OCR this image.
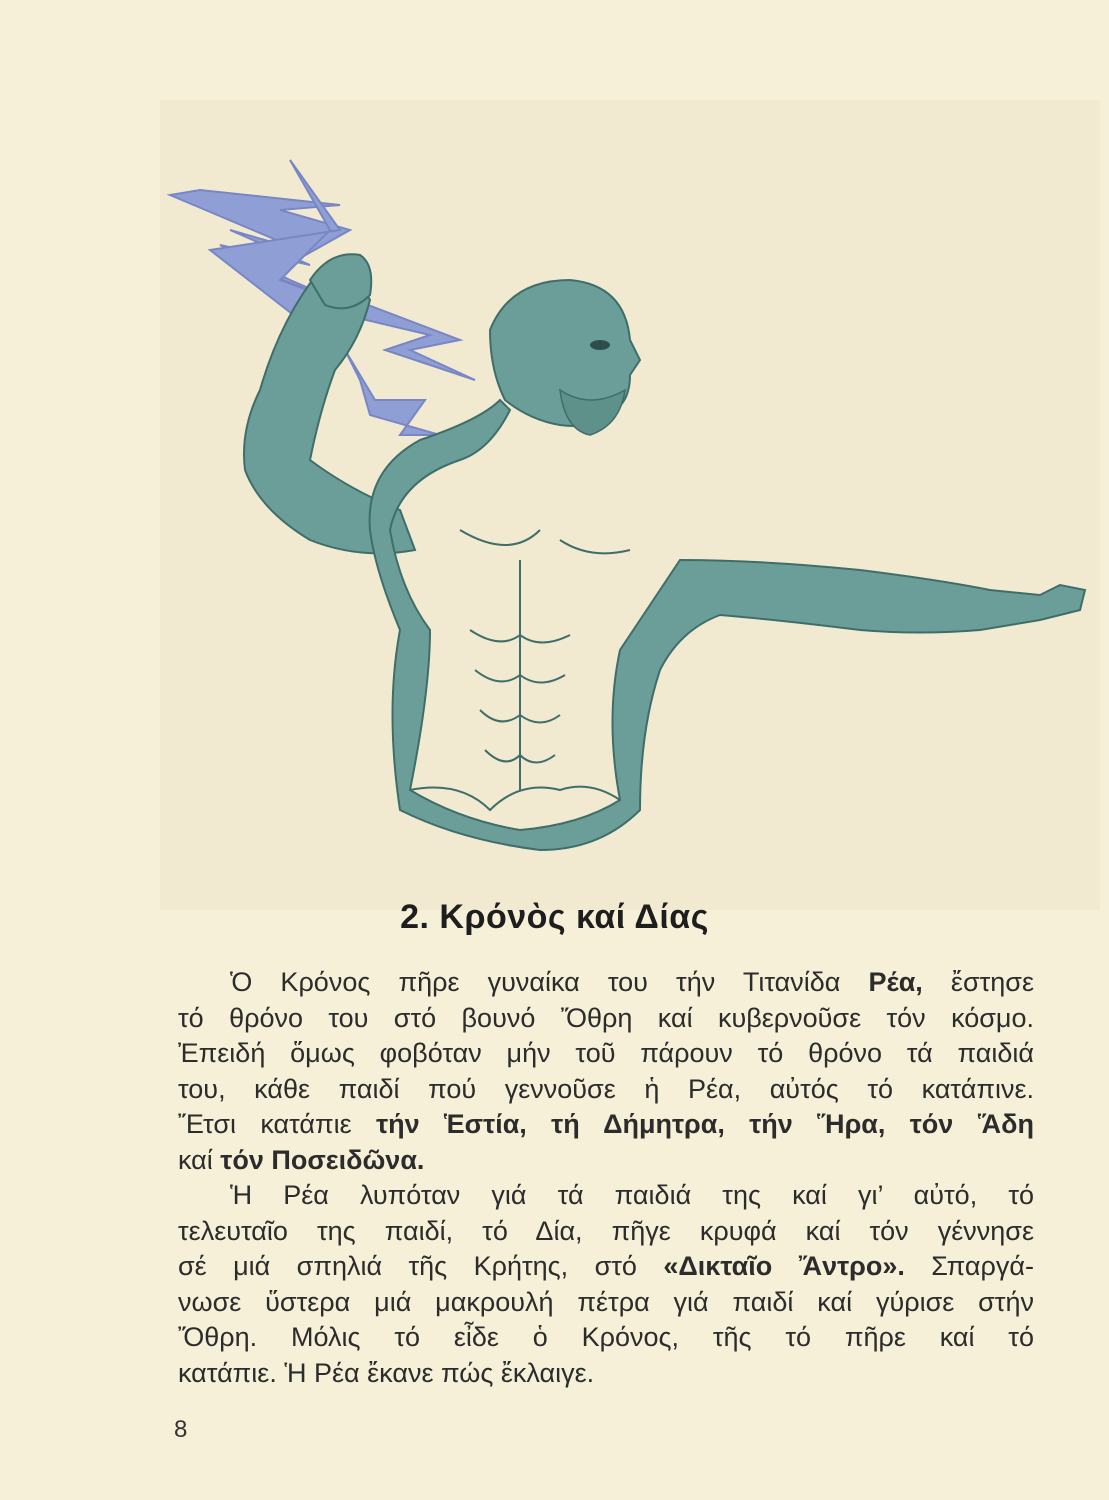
2. Κρόνὸς καί Δίας
Ὁ Κρόνος πῆρε γυναίκα του τήν Τιτανίδα Ρέα, ἔστησε
τό θρόνο του στό βουνό Ὄθρη καί κυβερνοῦσε τόν κόσμο.
Ἐπειδή ὅμως φοβόταν μήν τοῦ πάρουν τό θρόνο τά παιδιά
του, κάθε παιδί πού γεννοῦσε ἡ Ρέα, αὐτός τό κατάπινε.
Ἔτσι κατάπιε τήν Ἑστία, τή Δήμητρα, τήν Ἥρα, τόν Ἅδη
καί τόν Ποσειδῶνα.
Ἡ Ρέα λυπόταν γιά τά παιδιά της καί γι’ αὐτό, τό
τελευταῖο της παιδί, τό Δία, πῆγε κρυφά καί τόν γέννησε
σέ μιά σπηλιά τῆς Κρήτης, στό «Δικταῖο Ἄντρο». Σπαργά-
νωσε ὕστερα μιά μακρουλή πέτρα γιά παιδί καί γύρισε στήν
Ὄθρη. Μόλις τό εἶδε ὁ Κρόνος, τῆς τό πῆρε καί τό
κατάπιε. Ἡ Ρέα ἔκανε πώς ἔκλαιγε.
8
